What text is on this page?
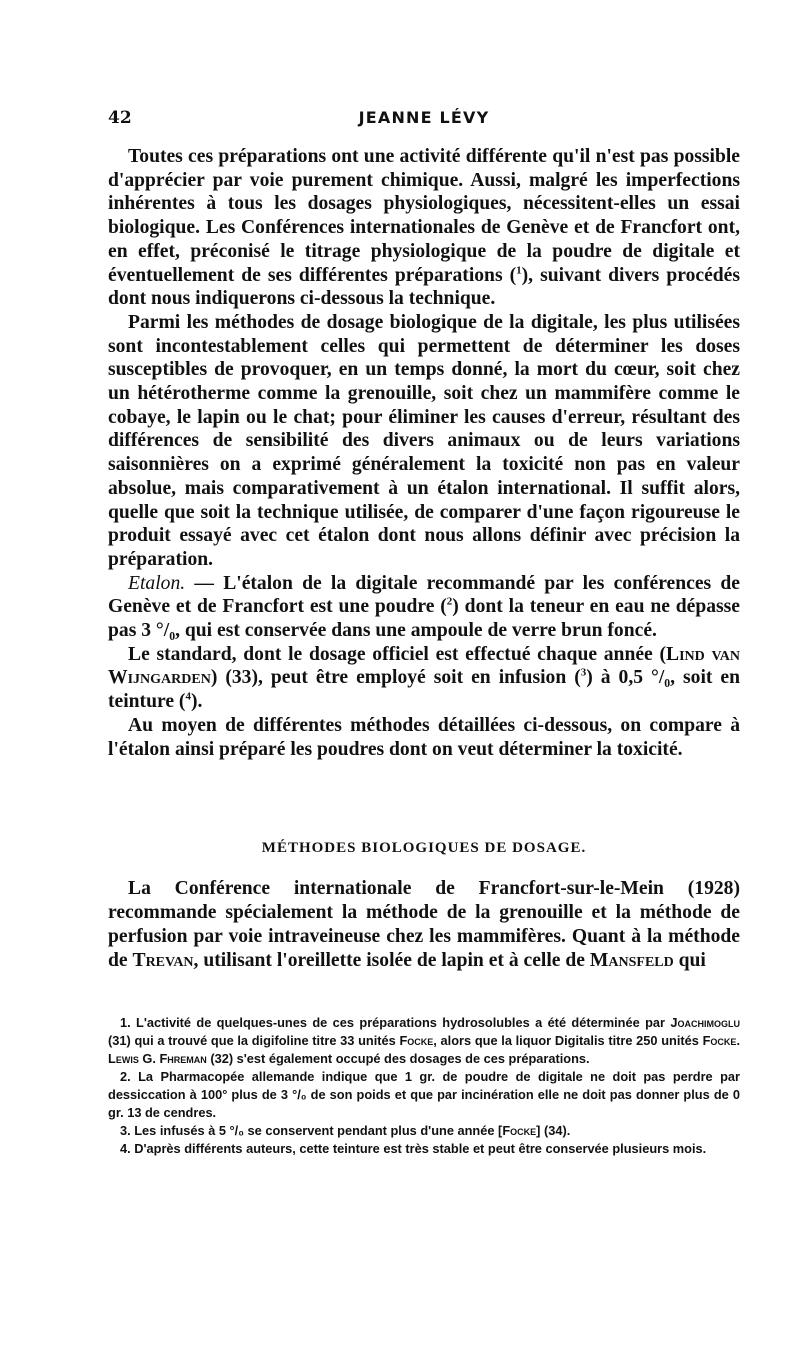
42	JEANNE LÉVY

Toutes ces préparations ont une activité différente qu'il n'est pas possible d'apprécier par voie purement chimique. Aussi, malgré les imperfections inhérentes à tous les dosages physiologiques, nécessitent-elles un essai biologique. Les Conférences internationales de Genève et de Francfort ont, en effet, préconisé le titrage physiologique de la poudre de digitale et éventuellement de ses différentes préparations ($^1$), suivant divers procédés dont nous indiquerons ci-dessous la technique.

Parmi les méthodes de dosage biologique de la digitale, les plus utilisées sont incontestablement celles qui permettent de déterminer les doses susceptibles de provoquer, en un temps donné, la mort du cœur, soit chez un hétérotherme comme la grenouille, soit chez un mammifère comme le cobaye, le lapin ou le chat; pour éliminer les causes d'erreur, résultant des différences de sensibilité des divers animaux ou de leurs variations saisonnières on a exprimé généralement la toxicité non pas en valeur absolue, mais comparativement à un étalon international. Il suffit alors, quelle que soit la technique utilisée, de comparer d'une façon rigoureuse le produit essayé avec cet étalon dont nous allons définir avec précision la préparation.

Etalon. — L'étalon de la digitale recommandé par les conférences de Genève et de Francfort est une poudre ($^2$) dont la teneur en eau ne dépasse pas 3 °/₀, qui est conservée dans une ampoule de verre brun foncé.

Le standard, dont le dosage officiel est effectué chaque année (Lind van Wijngarden) (33), peut être employé soit en infusion ($^3$) à 0,5 °/₀, soit en teinture ($^4$).

Au moyen de différentes méthodes détaillées ci-dessous, on compare à l'étalon ainsi préparé les poudres dont on veut déterminer la toxicité.

MÉTHODES BIOLOGIQUES DE DOSAGE.

La Conférence internationale de Francfort-sur-le-Mein (1928) recommande spécialement la méthode de la grenouille et la méthode de perfusion par voie intraveineuse chez les mammifères. Quant à la méthode de Trevan, utilisant l'oreillette isolée de lapin et à celle de Mansfeld qui

1. L'activité de quelques-unes de ces préparations hydrosolubles a été déterminée par Joachimoglu (31) qui a trouvé que la digifoline titre 33 unités Focke, alors que la liquor Digitalis titre 250 unités Focke. Lewis G. Fhreman (32) s'est également occupé des dosages de ces préparations.

2. La Pharmacopée allemande indique que 1 gr. de poudre de digitale ne doit pas perdre par dessiccation à 100° plus de 3 °/₀ de son poids et que par incinération elle ne doit pas donner plus de 0 gr. 13 de cendres.

3. Les infusés à 5 °/₀ se conservent pendant plus d'une année [Focke] (34).

4. D'après différents auteurs, cette teinture est très stable et peut être conservée plusieurs mois.
